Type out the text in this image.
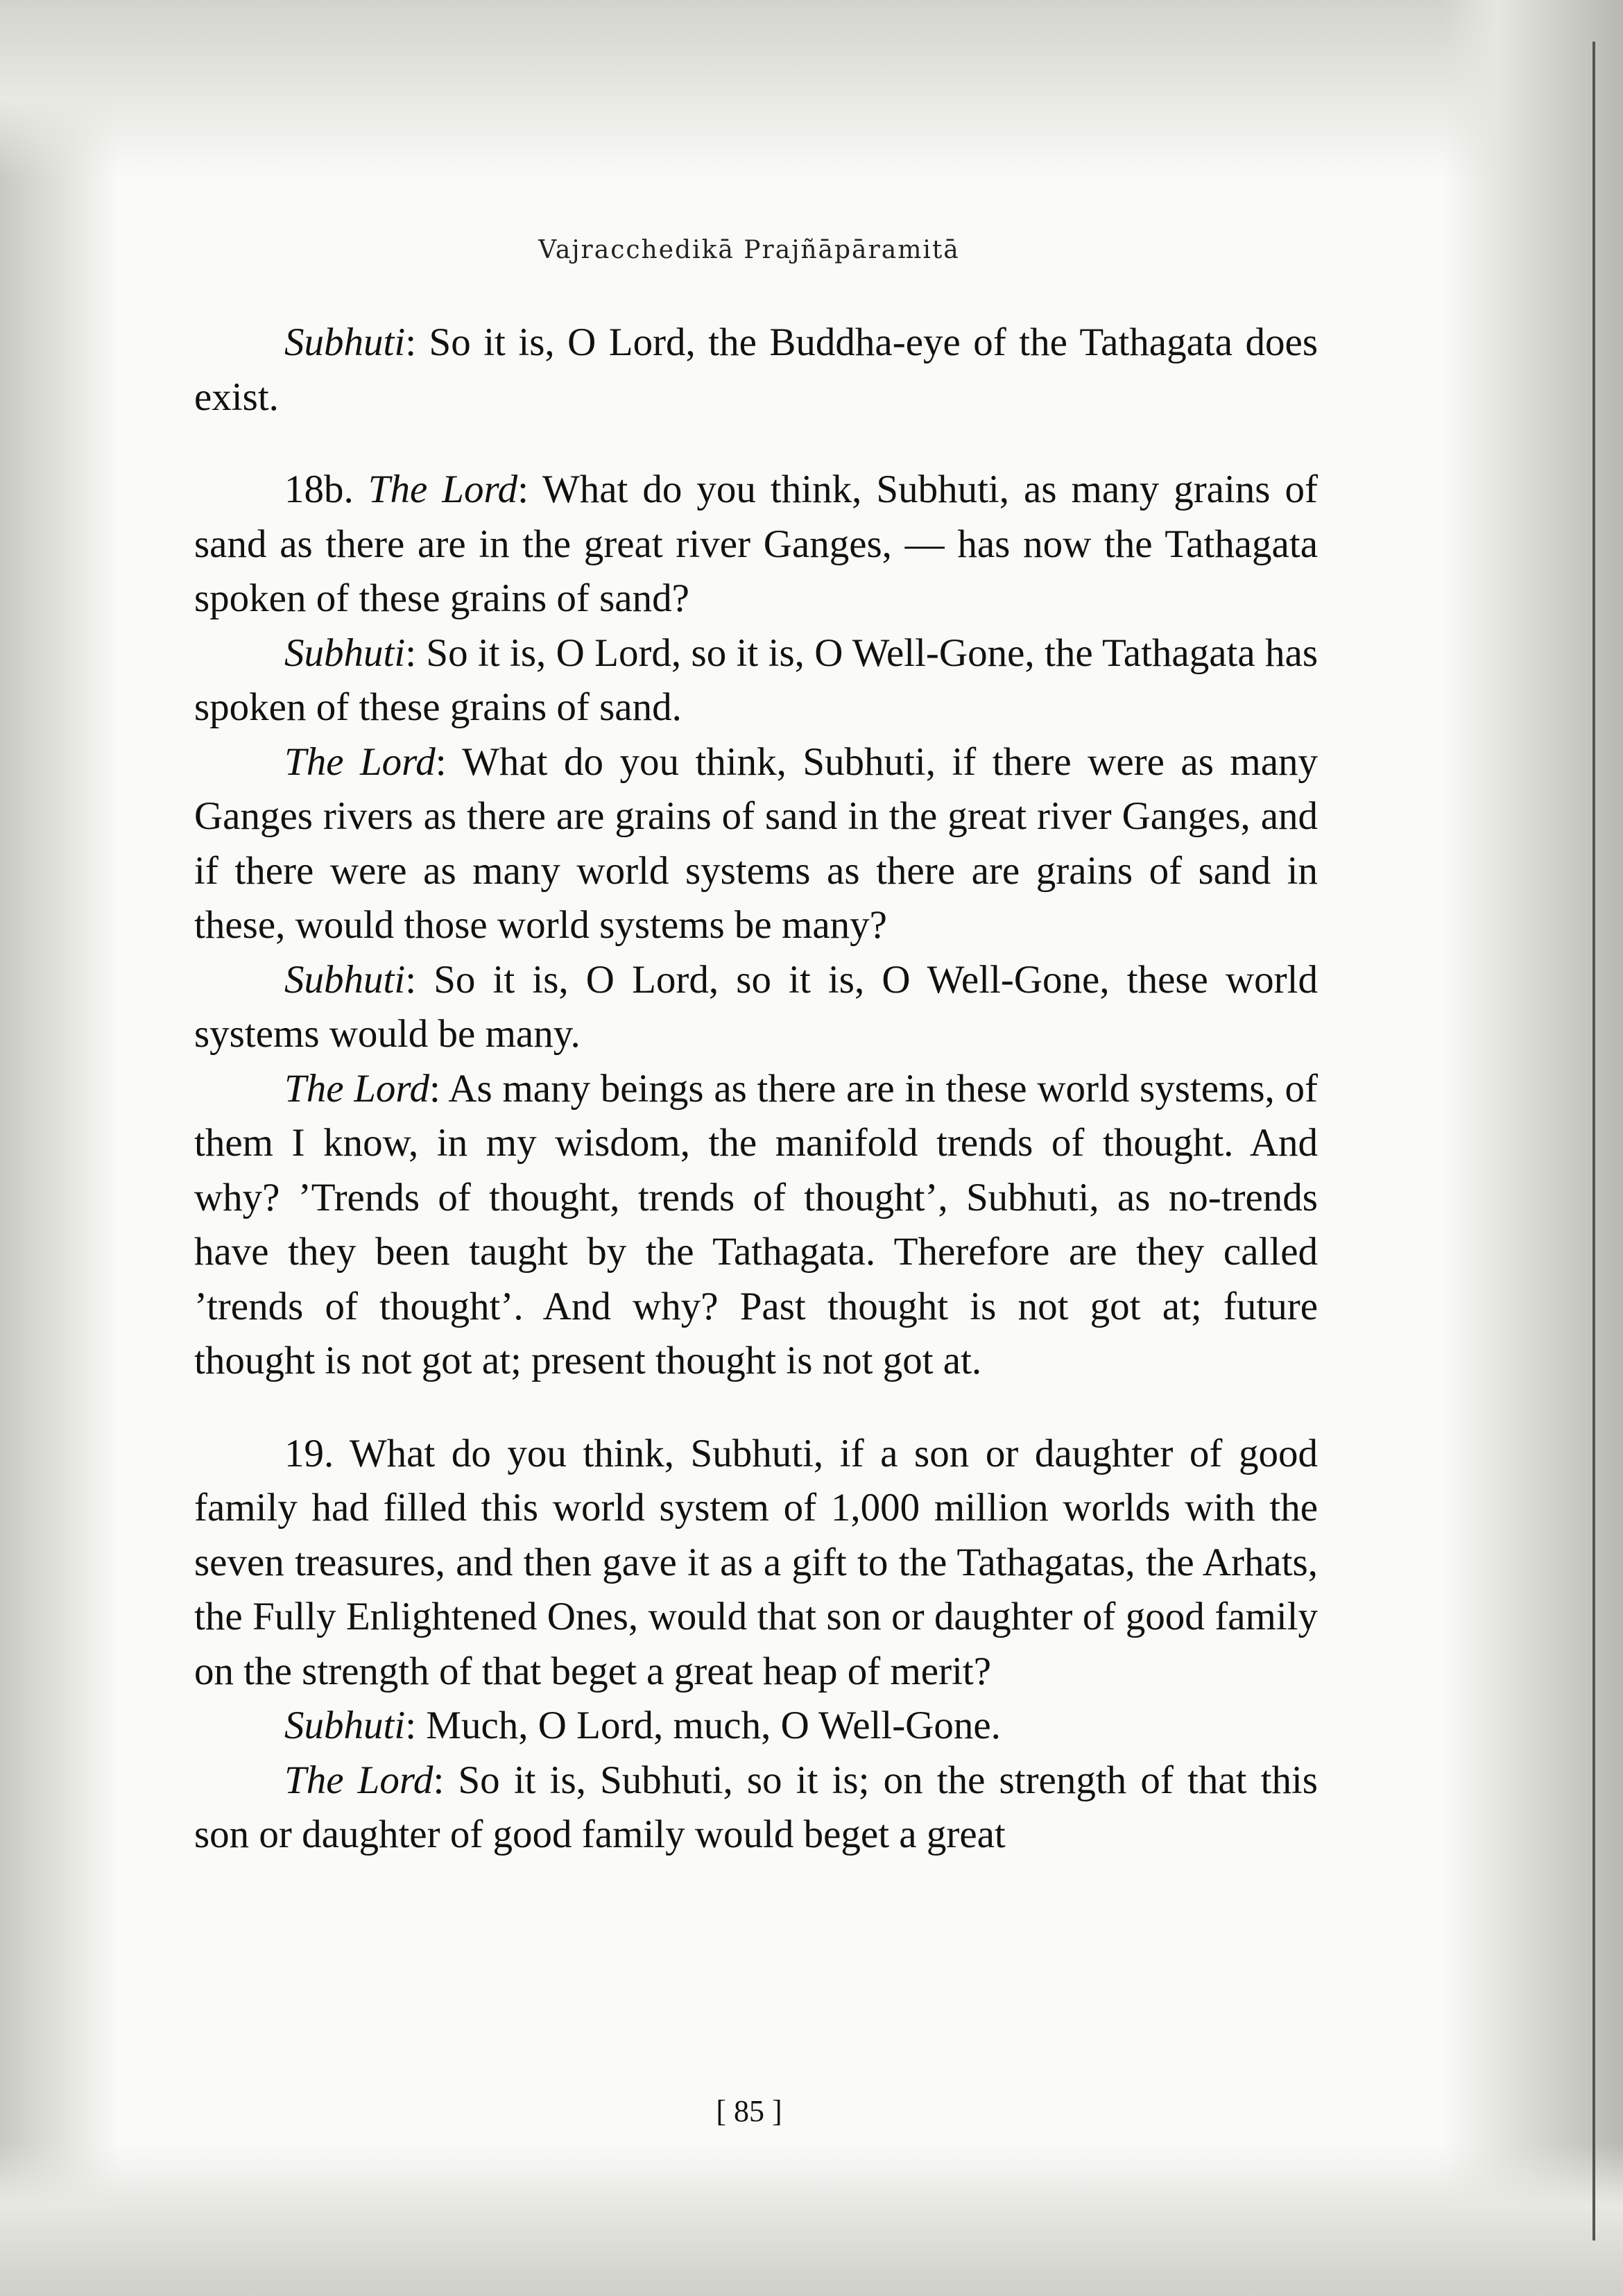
Vajracchedikā Prajñāpāramitā

Subhuti: So it is, O Lord, the Buddha-eye of the Tathagata does exist.

18b. The Lord: What do you think, Subhuti, as many grains of sand as there are in the great river Ganges, — has now the Tathagata spoken of these grains of sand?

Subhuti: So it is, O Lord, so it is, O Well-Gone, the Tathagata has spoken of these grains of sand.

The Lord: What do you think, Subhuti, if there were as many Ganges rivers as there are grains of sand in the great river Ganges, and if there were as many world systems as there are grains of sand in these, would those world systems be many?

Subhuti: So it is, O Lord, so it is, O Well-Gone, these world systems would be many.

The Lord: As many beings as there are in these world systems, of them I know, in my wisdom, the manifold trends of thought. And why? ’Trends of thought, trends of thought’, Subhuti, as no-trends have they been taught by the Tathagata. Therefore are they called ’trends of thought’. And why? Past thought is not got at; future thought is not got at; present thought is not got at.

19. What do you think, Subhuti, if a son or daughter of good family had filled this world system of 1,000 million worlds with the seven treasures, and then gave it as a gift to the Tathagatas, the Arhats, the Fully Enlightened Ones, would that son or daughter of good family on the strength of that beget a great heap of merit?

Subhuti: Much, O Lord, much, O Well-Gone.

The Lord: So it is, Subhuti, so it is; on the strength of that this son or daughter of good family would beget a great

[ 85 ]
